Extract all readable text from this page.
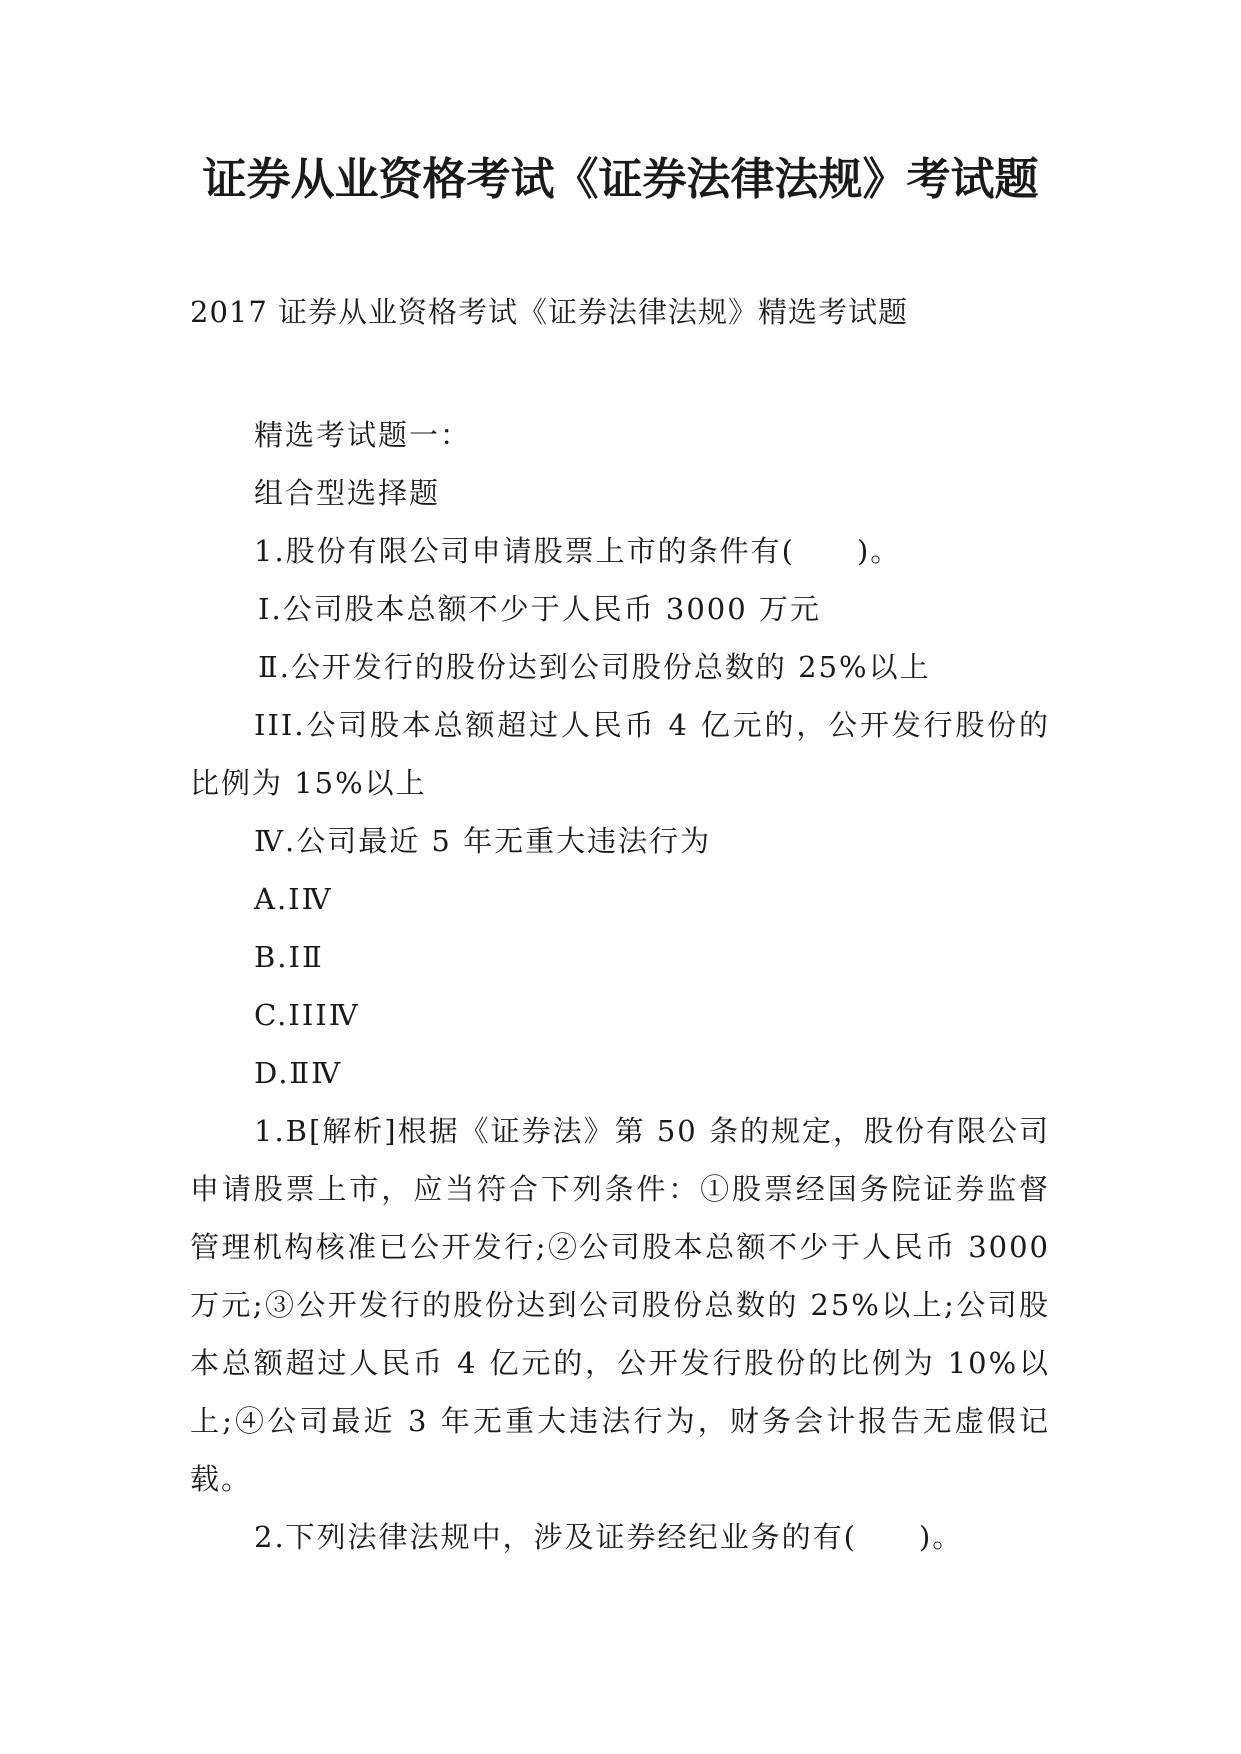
证券从业资格考试《证券法律法规》考试题

2017 证券从业资格考试《证券法律法规》精选考试题

精选考试题一：

组合型选择题

1.股份有限公司申请股票上市的条件有(　　)。

Ⅰ.公司股本总额不少于人民币 3000 万元

Ⅱ.公开发行的股份达到公司股份总数的 25%以上

III.公司股本总额超过人民币 4 亿元的，公开发行股份的比例为 15%以上

Ⅳ.公司最近 5 年无重大违法行为

A.ⅠⅣ

B.ⅠⅡ

C.IIIⅣ

D.ⅡⅣ

1.B[解析]根据《证券法》第 50 条的规定，股份有限公司申请股票上市，应当符合下列条件：①股票经国务院证券监督管理机构核准已公开发行;②公司股本总额不少于人民币 3000 万元;③公开发行的股份达到公司股份总数的 25%以上;公司股本总额超过人民币 4 亿元的，公开发行股份的比例为 10%以上;④公司最近 3 年无重大违法行为，财务会计报告无虚假记载。

2.下列法律法规中，涉及证券经纪业务的有(　　)。
